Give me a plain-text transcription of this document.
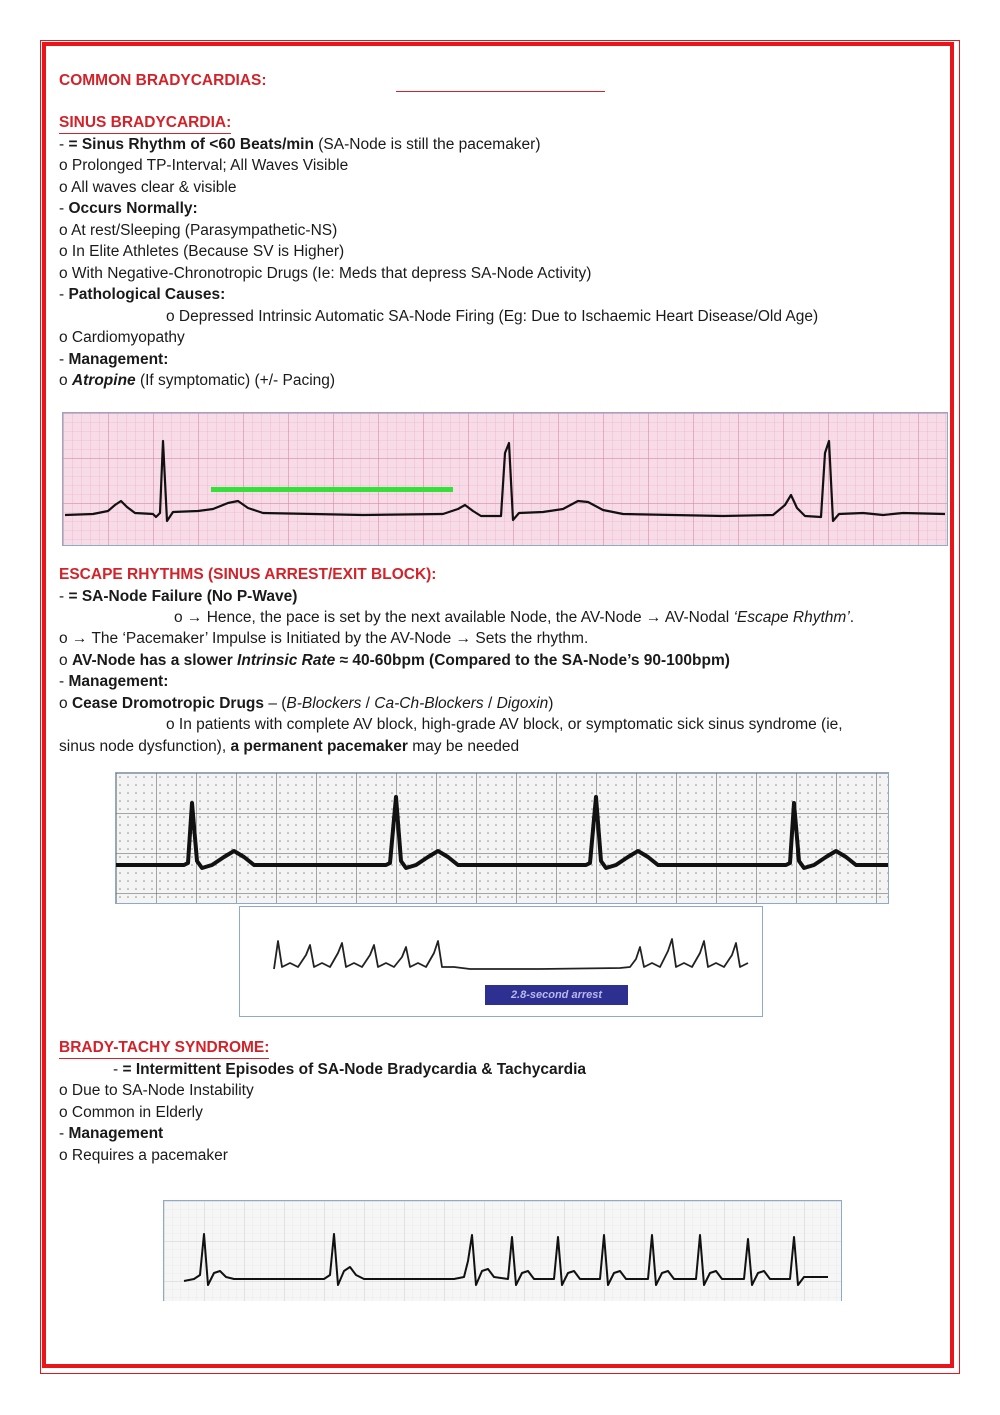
COMMON BRADYCARDIAS:
SINUS BRADYCARDIA:
- = Sinus Rhythm of <60 Beats/min (SA-Node is still the pacemaker)
o Prolonged TP-Interval; All Waves Visible
o All waves clear & visible
- Occurs Normally:
o At rest/Sleeping (Parasympathetic-NS)
o In Elite Athletes (Because SV is Higher)
o With Negative-Chronotropic Drugs (Ie: Meds that depress SA-Node Activity)
- Pathological Causes:
o Depressed Intrinsic Automatic SA-Node Firing (Eg: Due to Ischaemic Heart Disease/Old Age)
o Cardiomyopathy
- Management:
o Atropine (If symptomatic) (+/- Pacing)
ESCAPE RHYTHMS (SINUS ARREST/EXIT BLOCK):
- = SA-Node Failure (No P-Wave)
o → Hence, the pace is set by the next available Node, the AV-Node → AV-Nodal ‘Escape Rhythm’.
o → The ‘Pacemaker’ Impulse is Initiated by the AV-Node → Sets the rhythm.
o AV-Node has a slower Intrinsic Rate ≈ 40-60bpm (Compared to the SA-Node’s 90-100bpm)
- Management:
o Cease Dromotropic Drugs – (B-Blockers / Ca-Ch-Blockers / Digoxin)
o In patients with complete AV block, high-grade AV block, or symptomatic sick sinus syndrome (ie,
sinus node dysfunction), a permanent pacemaker may be needed
2.8-second arrest
BRADY-TACHY SYNDROME:
- = Intermittent Episodes of SA-Node Bradycardia & Tachycardia
o Due to SA-Node Instability
o Common in Elderly
- Management
o Requires a pacemaker
